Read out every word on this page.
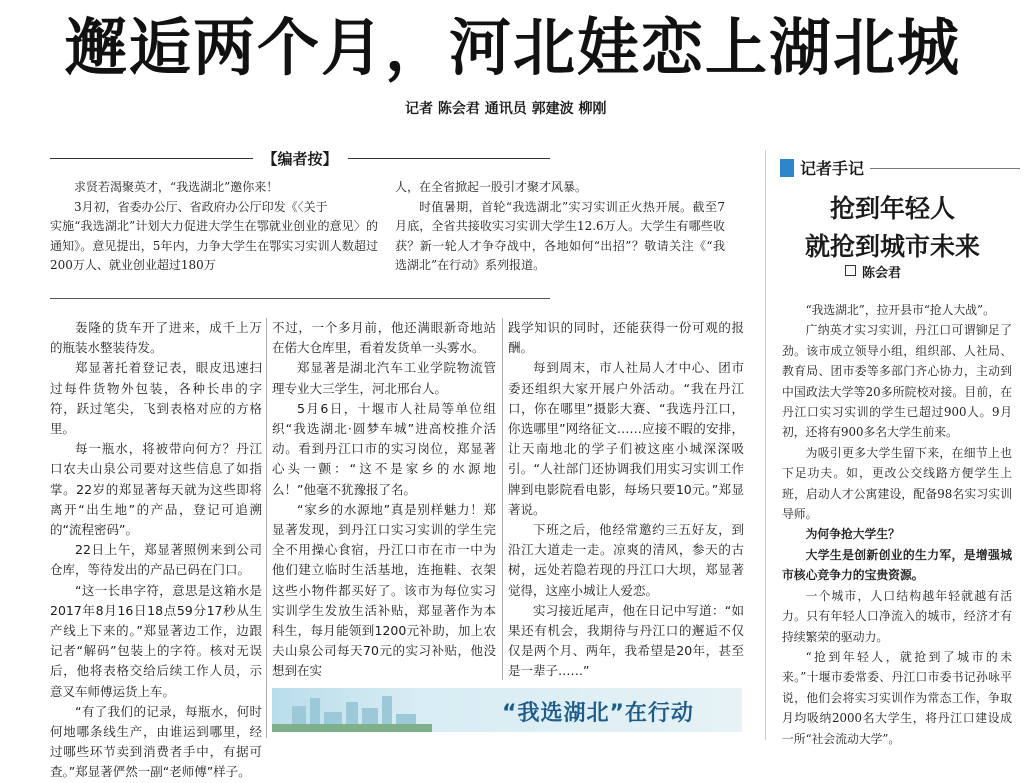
邂逅两个月，河北娃恋上湖北城
记者 陈会君 通讯员 郭建波 柳刚
【编者按】

求贤若渴聚英才，“我选湖北”邀你来！

3月初，省委办公厅、省政府办公厅印发《〈关于

实施“我选湖北”计划大力促进大学生在鄂就业创业的意见〉的通知》。意见提出，5年内，力争大学生在鄂实习实训人数超过200万人、就业创业超过180万

人，在全省掀起一股引才聚才风暴。

时值暑期，首轮“我选湖北”实习实训正火热开展。截至7月底，全省共接收实习实训大学生12.6万人。大学生有哪些收获？新一轮人才争夺战中，各地如何“出招”？敬请关注《“我选湖北”在行动》系列报道。

轰隆的货车开了进来，成千上万的瓶装水整装待发。

郑显著托着登记表，眼皮迅速扫过每件货物外包装，各种长串的字符，跃过笔尖，飞到表格对应的方格里。

每一瓶水，将被带向何方？丹江口农夫山泉公司要对这些信息了如指掌。22岁的郑显著每天就为这些即将离开“出生地”的产品，登记可追溯的“流程密码”。

22日上午，郑显著照例来到公司仓库，等待发出的产品已码在门口。

“这一长串字符，意思是这箱水是2017年8月16日18点59分17秒从生产线上下来的。”郑显著边工作，边跟记者“解码”包装上的字符。核对无误后，他将表格交给后续工作人员，示意叉车师傅运货上车。

“有了我们的记录，每瓶水，何时何地哪条线生产，由谁运到哪里，经过哪些环节卖到消费者手中，有据可查。”郑显著俨然一副“老师傅”样子。

不过，一个多月前，他还满眼新奇地站在偌大仓库里，看着发货单一头雾水。

郑显著是湖北汽车工业学院物流管理专业大三学生，河北邢台人。

5月6日，十堰市人社局等单位组织“我选湖北·圆梦车城”进高校推介活动。看到丹江口市的实习岗位，郑显著心头一颤：“这不是家乡的水源地么！”他毫不犹豫报了名。

“家乡的水源地”真是别样魅力！郑显著发现，到丹江口实习实训的学生完全不用操心食宿，丹江口市在市一中为他们建立临时生活基地，连拖鞋、衣架这些小物件都买好了。该市为每位实习实训学生发放生活补贴，郑显著作为本科生，每月能领到1200元补助，加上农夫山泉公司每天70元的实习补贴，他没想到在实

践学知识的同时，还能获得一份可观的报酬。

每到周末，市人社局人才中心、团市委还组织大家开展户外活动。“我在丹江口，你在哪里”摄影大赛、“我选丹江口，你选哪里”网络征文……应接不暇的安排，让天南地北的学子们被这座小城深深吸引。“人社部门还协调我们用实习实训工作牌到电影院看电影，每场只要10元。”郑显著说。

下班之后，他经常邀约三五好友，到沿江大道走一走。凉爽的清风，参天的古树，远处若隐若现的丹江口大坝，郑显著觉得，这座小城让人爱恋。

实习接近尾声，他在日记中写道：“如果还有机会，我期待与丹江口的邂逅不仅仅是两个月、两年，我希望是20年，甚至是一辈子……”

“我选湖北”在行动
记者手记
抢到年轻人
就抢到城市未来
陈会君

“我选湖北”，拉开县市“抢人大战”。

广纳英才实习实训，丹江口可谓铆足了劲。该市成立领导小组，组织部、人社局、教育局、团市委等多部门齐心协力，主动到中国政法大学等20多所院校对接。目前，在丹江口实习实训的学生已超过900人。9月初，还将有900多名大学生前来。

为吸引更多大学生留下来，在细节上也下足功夫。如，更改公交线路方便学生上班，启动人才公寓建设，配备98名实习实训导师。

为何争抢大学生？

大学生是创新创业的生力军，是增强城市核心竞争力的宝贵资源。

一个城市，人口结构越年轻就越有活力。只有年轻人口净流入的城市，经济才有持续繁荣的驱动力。

“抢到年轻人，就抢到了城市的未来。”十堰市委常委、丹江口市委书记孙咏平说，他们会将实习实训作为常态工作，争取月均吸纳2000名大学生，将丹江口建设成一所“社会流动大学”。
